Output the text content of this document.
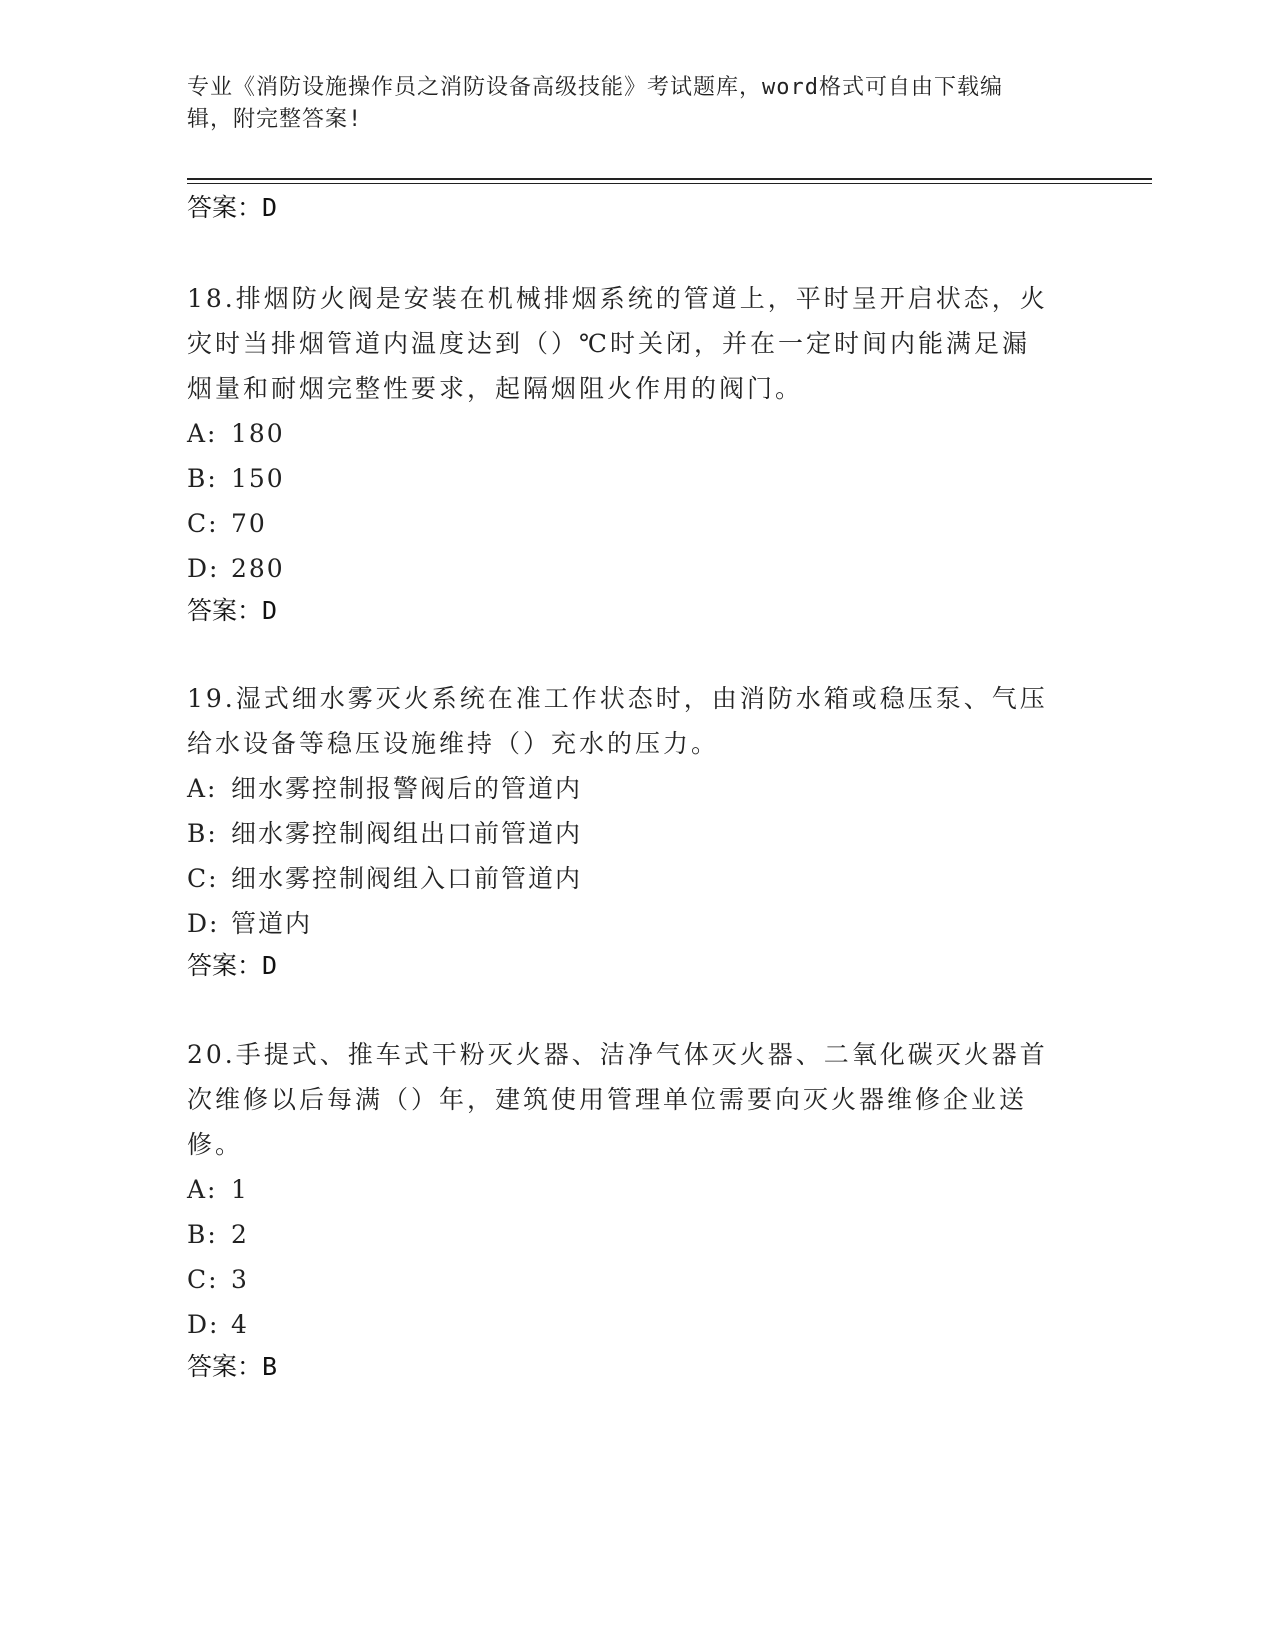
专业《消防设施操作员之消防设备高级技能》考试题库，word格式可自由下载编
辑，附完整答案!
答案：D
18.排烟防火阀是安装在机械排烟系统的管道上，平时呈开启状态，火
灾时当排烟管道内温度达到（）℃时关闭，并在一定时间内能满足漏
烟量和耐烟完整性要求，起隔烟阻火作用的阀门。
A: 180
B: 150
C: 70
D: 280
答案：D
19.湿式细水雾灭火系统在准工作状态时，由消防水箱或稳压泵、气压
给水设备等稳压设施维持（）充水的压力。
A: 细水雾控制报警阀后的管道内
B: 细水雾控制阀组出口前管道内
C: 细水雾控制阀组入口前管道内
D: 管道内
答案：D
20.手提式、推车式干粉灭火器、洁净气体灭火器、二氧化碳灭火器首
次维修以后每满（）年，建筑使用管理单位需要向灭火器维修企业送
修。
A: 1
B: 2
C: 3
D: 4
答案：B
